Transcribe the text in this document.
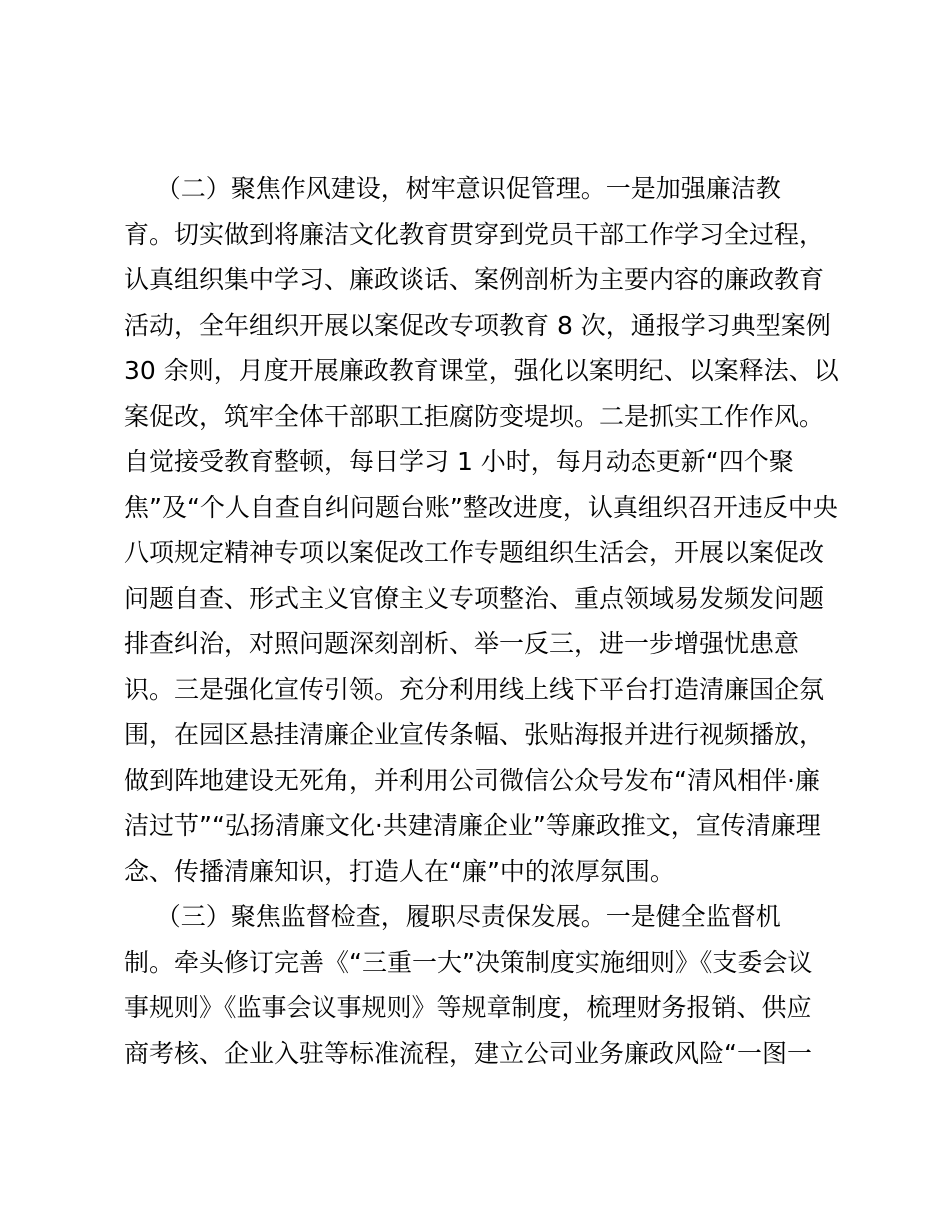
（二）聚焦作风建设，树牢意识促管理。一是加强廉洁教
育。切实做到将廉洁文化教育贯穿到党员干部工作学习全过程，
认真组织集中学习、廉政谈话、案例剖析为主要内容的廉政教育
活动，全年组织开展以案促改专项教育 8 次，通报学习典型案例
30 余则，月度开展廉政教育课堂，强化以案明纪、以案释法、以
案促改，筑牢全体干部职工拒腐防变堤坝。二是抓实工作作风。
自觉接受教育整顿，每日学习 1 小时，每月动态更新“四个聚
焦”及“个人自查自纠问题台账”整改进度，认真组织召开违反中央
八项规定精神专项以案促改工作专题组织生活会，开展以案促改
问题自查、形式主义官僚主义专项整治、重点领域易发频发问题
排查纠治，对照问题深刻剖析、举一反三，进一步增强忧患意
识。三是强化宣传引领。充分利用线上线下平台打造清廉国企氛
围，在园区悬挂清廉企业宣传条幅、张贴海报并进行视频播放，
做到阵地建设无死角，并利用公司微信公众号发布“清风相伴·廉
洁过节”“弘扬清廉文化·共建清廉企业”等廉政推文，宣传清廉理
念、传播清廉知识，打造人在“廉”中的浓厚氛围。
（三）聚焦监督检查，履职尽责保发展。一是健全监督机
制。牵头修订完善《“三重一大”决策制度实施细则》《支委会议
事规则》《监事会议事规则》等规章制度，梳理财务报销、供应
商考核、企业入驻等标准流程，建立公司业务廉政风险“一图一
